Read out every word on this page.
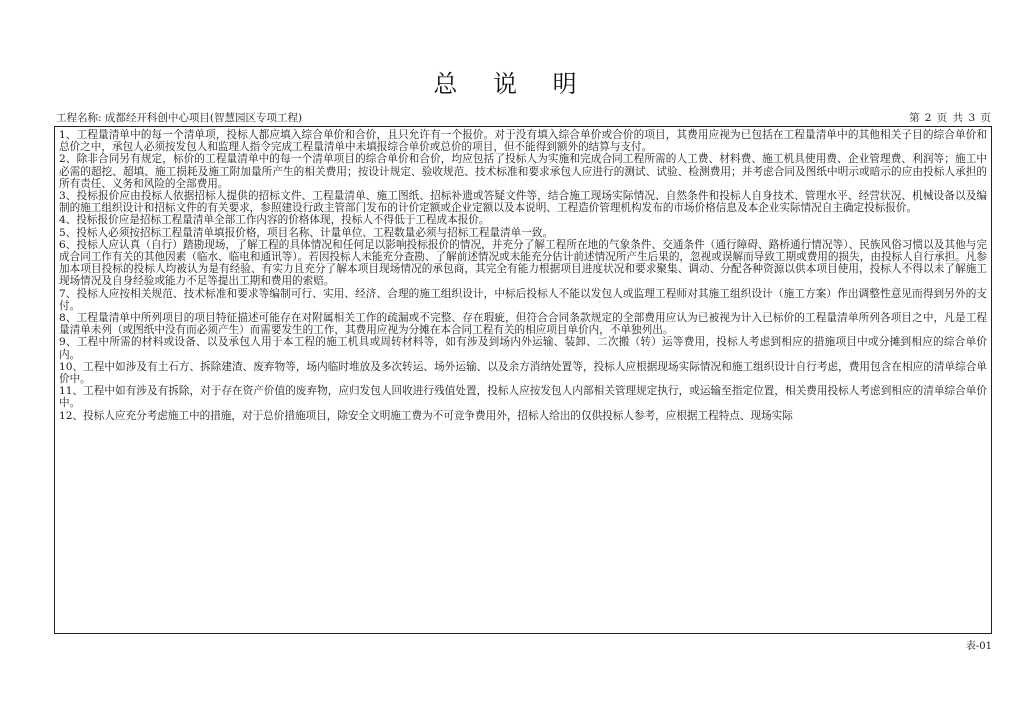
总 说 明
工程名称: 成都经开科创中心项目(智慧园区专项工程)	第 2 页 共 3 页

1、工程量清单中的每一个清单项，投标人都应填入综合单价和合价，且只允许有一个报价。对于没有填入综合单价或合价的项目，其费用应视为已包括在工程量清单中的其他相关子目的综合单价和总价之中，承包人必须按发包人和监理人指令完成工程量清单中未填报综合单价或总价的项目，但不能得到额外的结算与支付。

2、除非合同另有规定，标价的工程量清单中的每一个清单项目的综合单价和合价，均应包括了投标人为实施和完成合同工程所需的人工费、材料费、施工机具使用费、企业管理费、利润等；施工中必需的超挖、超填、施工损耗及施工附加量所产生的相关费用；按设计规定、验收规范、技术标准和要求承包人应进行的测试、试验、检测费用；并考虑合同及图纸中明示或暗示的应由投标人承担的所有责任、义务和风险的全部费用。

3、投标报价应由投标人依据招标人提供的招标文件、工程量清单、施工图纸、招标补遗或答疑文件等，结合施工现场实际情况、自然条件和投标人自身技术、管理水平、经营状况、机械设备以及编制的施工组织设计和招标文件的有关要求，参照建设行政主管部门发布的计价定额或企业定额以及本说明、工程造价管理机构发布的市场价格信息及本企业实际情况自主确定投标报价。

4、投标报价应是招标工程量清单全部工作内容的价格体现，投标人不得低于工程成本报价。

5、投标人必须按招标工程量清单填报价格，项目名称、计量单位、工程数量必须与招标工程量清单一致。

6、投标人应认真（自行）踏勘现场，了解工程的具体情况和任何足以影响投标报价的情况，并充分了解工程所在地的气象条件、交通条件（通行障碍、路桥通行情况等）、民族风俗习惯以及其他与完成合同工作有关的其他因素（临水、临电和通讯等）。若因投标人未能充分查勘、了解前述情况或未能充分估计前述情况所产生后果的，忽视或误解而导致工期或费用的损失，由投标人自行承担。凡参加本项目投标的投标人均被认为是有经验、有实力且充分了解本项目现场情况的承包商，其完全有能力根据项目进度状况和要求聚集、调动、分配各种资源以供本项目使用，投标人不得以未了解施工现场情况及自身经验或能力不足等提出工期和费用的索赔。

7、投标人应按相关规范、技术标准和要求等编制可行、实用、经济、合理的施工组织设计，中标后投标人不能以发包人或监理工程师对其施工组织设计（施工方案）作出调整性意见而得到另外的支付。

8、工程量清单中所列项目的项目特征描述可能存在对附属相关工作的疏漏或不完整、存在瑕疵，但符合合同条款规定的全部费用应认为已被视为计入已标价的工程量清单所列各项目之中，凡是工程量清单未列（或图纸中没有而必须产生）而需要发生的工作，其费用应视为分摊在本合同工程有关的相应项目单价内，不单独列出。

9、工程中所需的材料或设备、以及承包人用于本工程的施工机具或周转材料等，如有涉及到场内外运输、装卸、二次搬（转）运等费用，投标人考虑到相应的措施项目中或分摊到相应的综合单价内。

10、工程中如涉及有土石方、拆除建渣、废弃物等，场内临时堆放及多次转运、场外运输、以及余方消纳处置等，投标人应根据现场实际情况和施工组织设计自行考虑，费用包含在相应的清单综合单价中。

11、工程中如有涉及有拆除，对于存在资产价值的废弃物，应归发包人回收进行残值处置，投标人应按发包人内部相关管理规定执行，或运输至指定位置，相关费用投标人考虑到相应的清单综合单价中。

12、投标人应充分考虑施工中的措施，对于总价措施项目，除安全文明施工费为不可竞争费用外，招标人给出的仅供投标人参考，应根据工程特点、现场实际

表-01
